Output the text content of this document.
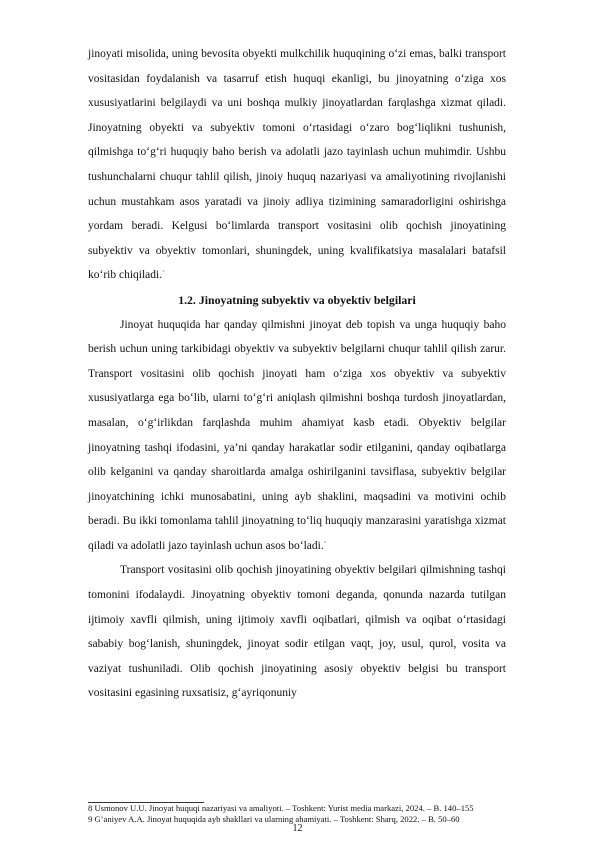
jinoyati misolida, uning bevosita obyekti mulkchilik huquqining o‘zi emas, balki transport vositasidan foydalanish va tasarruf etish huquqi ekanligi, bu jinoyatning o‘ziga xos xususiyatlarini belgilaydi va uni boshqa mulkiy jinoyatlardan farqlashga xizmat qiladi. Jinoyatning obyekti va subyektiv tomoni o‘rtasidagi o‘zaro bog‘liqlikni tushunish, qilmishga to‘g‘ri huquqiy baho berish va adolatli jazo tayinlash uchun muhimdir. Ushbu tushunchalarni chuqur tahlil qilish, jinoiy huquq nazariyasi va amaliyotining rivojlanishi uchun mustahkam asos yaratadi va jinoiy adliya tizimining samaradorligini oshirishga yordam beradi. Kelgusi bo‘limlarda transport vositasini olib qochish jinoyatining subyektiv va obyektiv tomonlari, shuningdek, uning kvalifikatsiya masalalari batafsil ko‘rib chiqiladi.◦

1.2. Jinoyatning subyektiv va obyektiv belgilari

Jinoyat huquqida har qanday qilmishni jinoyat deb topish va unga huquqiy baho berish uchun uning tarkibidagi obyektiv va subyektiv belgilarni chuqur tahlil qilish zarur. Transport vositasini olib qochish jinoyati ham o‘ziga xos obyektiv va subyektiv xususiyatlarga ega bo‘lib, ularni to‘g‘ri aniqlash qilmishni boshqa turdosh jinoyatlardan, masalan, o‘g‘irlikdan farqlashda muhim ahamiyat kasb etadi. Obyektiv belgilar jinoyatning tashqi ifodasini, ya’ni qanday harakatlar sodir etilganini, qanday oqibatlarga olib kelganini va qanday sharoitlarda amalga oshirilganini tavsiflasa, subyektiv belgilar jinoyatchining ichki munosabatini, uning ayb shaklini, maqsadini va motivini ochib beradi. Bu ikki tomonlama tahlil jinoyatning to‘liq huquqiy manzarasini yaratishga xizmat qiladi va adolatli jazo tayinlash uchun asos bo‘ladi.◦

Transport vositasini olib qochish jinoyatining obyektiv belgilari qilmishning tashqi tomonini ifodalaydi. Jinoyatning obyektiv tomoni deganda, qonunda nazarda tutilgan ijtimoiy xavfli qilmish, uning ijtimoiy xavfli oqibatlari, qilmish va oqibat o‘rtasidagi sababiy bog‘lanish, shuningdek, jinoyat sodir etilgan vaqt, joy, usul, qurol, vosita va vaziyat tushuniladi. Olib qochish jinoyatining asosiy obyektiv belgisi bu transport vositasini egasining ruxsatisiz, g‘ayriqonuniy

8 Usmonov U.U. Jinoyat huquqi nazariyasi va amaliyoti. – Toshkent: Yurist media markazi, 2024. – B. 140–155

9 G’aniyev A.A. Jinoyat huquqida ayb shakllari va ularning ahamiyati. – Toshkent: Sharq, 2022. – B. 50–60

12
